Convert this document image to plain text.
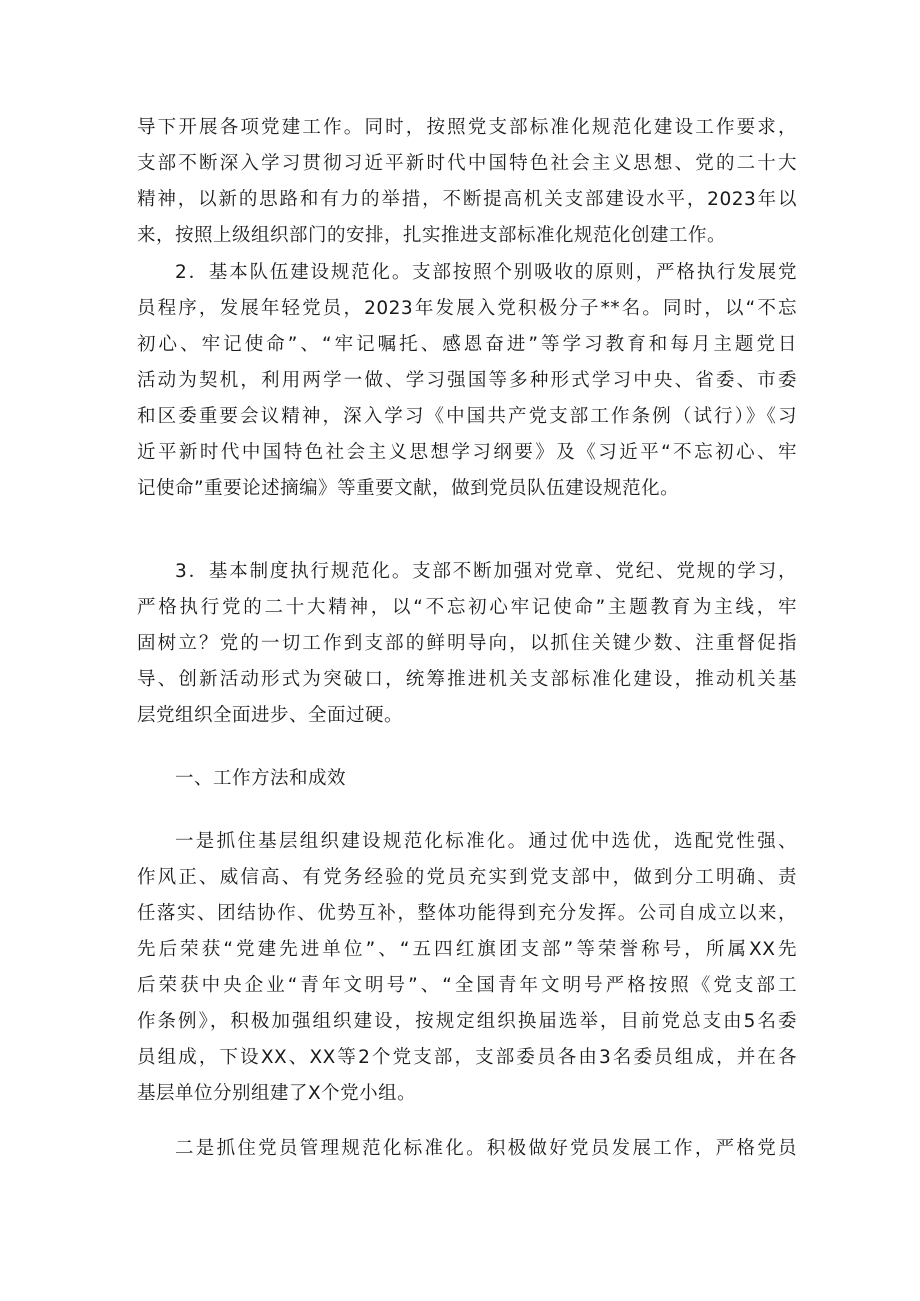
导下开展各项党建工作。同时，按照党支部标准化规范化建设工作要求，
支部不断深入学习贯彻习近平新时代中国特色社会主义思想、党的二十大
精神，以新的思路和有力的举措，不断提高机关支部建设水平，2023年以
来，按照上级组织部门的安排，扎实推进支部标准化规范化创建工作。
2．基本队伍建设规范化。支部按照个别吸收的原则，严格执行发展党
员程序，发展年轻党员，2023年发展入党积极分子**名。同时，以“不忘
初心、牢记使命”、“牢记嘱托、感恩奋进”等学习教育和每月主题党日
活动为契机，利用两学一做、学习强国等多种形式学习中央、省委、市委
和区委重要会议精神，深入学习《中国共产党支部工作条例（试行）》《习
近平新时代中国特色社会主义思想学习纲要》及《习近平“不忘初心、牢
记使命”重要论述摘编》等重要文献，做到党员队伍建设规范化。
3．基本制度执行规范化。支部不断加强对党章、党纪、党规的学习，
严格执行党的二十大精神，以“不忘初心牢记使命”主题教育为主线，牢
固树立？党的一切工作到支部的鲜明导向，以抓住关键少数、注重督促指
导、创新活动形式为突破口，统筹推进机关支部标准化建设，推动机关基
层党组织全面进步、全面过硬。
一、工作方法和成效
一是抓住基层组织建设规范化标准化。通过优中选优，选配党性强、
作风正、威信高、有党务经验的党员充实到党支部中，做到分工明确、责
任落实、团结协作、优势互补，整体功能得到充分发挥。公司自成立以来，
先后荣获“党建先进单位”、“五四红旗团支部”等荣誉称号，所属XX先
后荣获中央企业“青年文明号”、“全国青年文明号严格按照《党支部工
作条例》，积极加强组织建设，按规定组织换届选举，目前党总支由5名委
员组成，下设XX、XX等2个党支部，支部委员各由3名委员组成，并在各
基层单位分别组建了X个党小组。
二是抓住党员管理规范化标准化。积极做好党员发展工作，严格党员
